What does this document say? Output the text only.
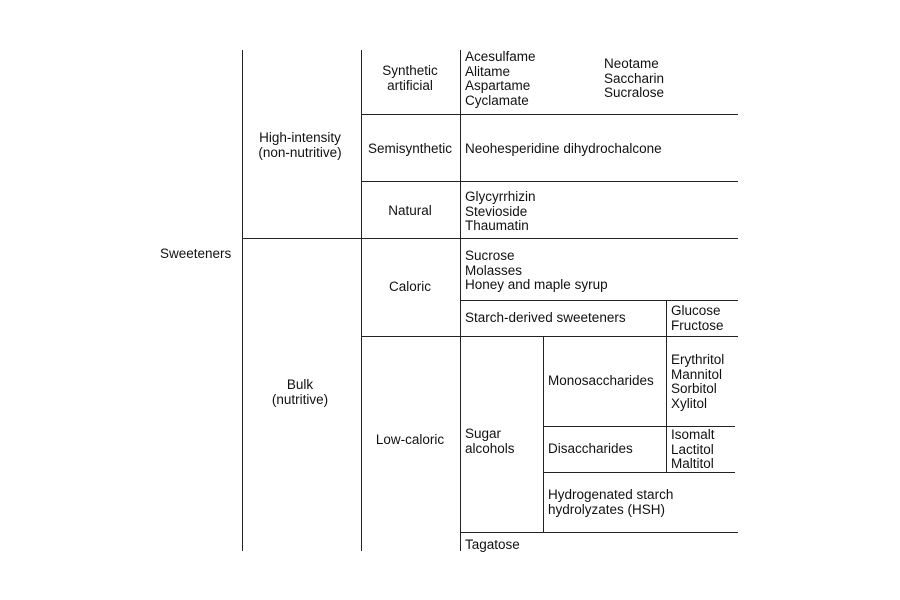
Sweeteners
High-intensity
(non-nutritive)
Bulk
(nutritive)
Synthetic
artificial
Semisynthetic
Natural
Caloric
Low-caloric
Acesulfame
Alitame
Aspartame
Cyclamate
Neotame
Saccharin
Sucralose
Neohesperidine dihydrochalcone
Glycyrrhizin
Stevioside
Thaumatin
Sucrose
Molasses
Honey and maple syrup
Starch-derived sweeteners	Glucose
Fructose
Sugar
alcohols
Monosaccharides
Erythritol
Mannitol
Sorbitol
Xylitol
Disaccharides
Isomalt
Lactitol
Maltitol
Hydrogenated starch
hydrolyzates (HSH)
Tagatose
